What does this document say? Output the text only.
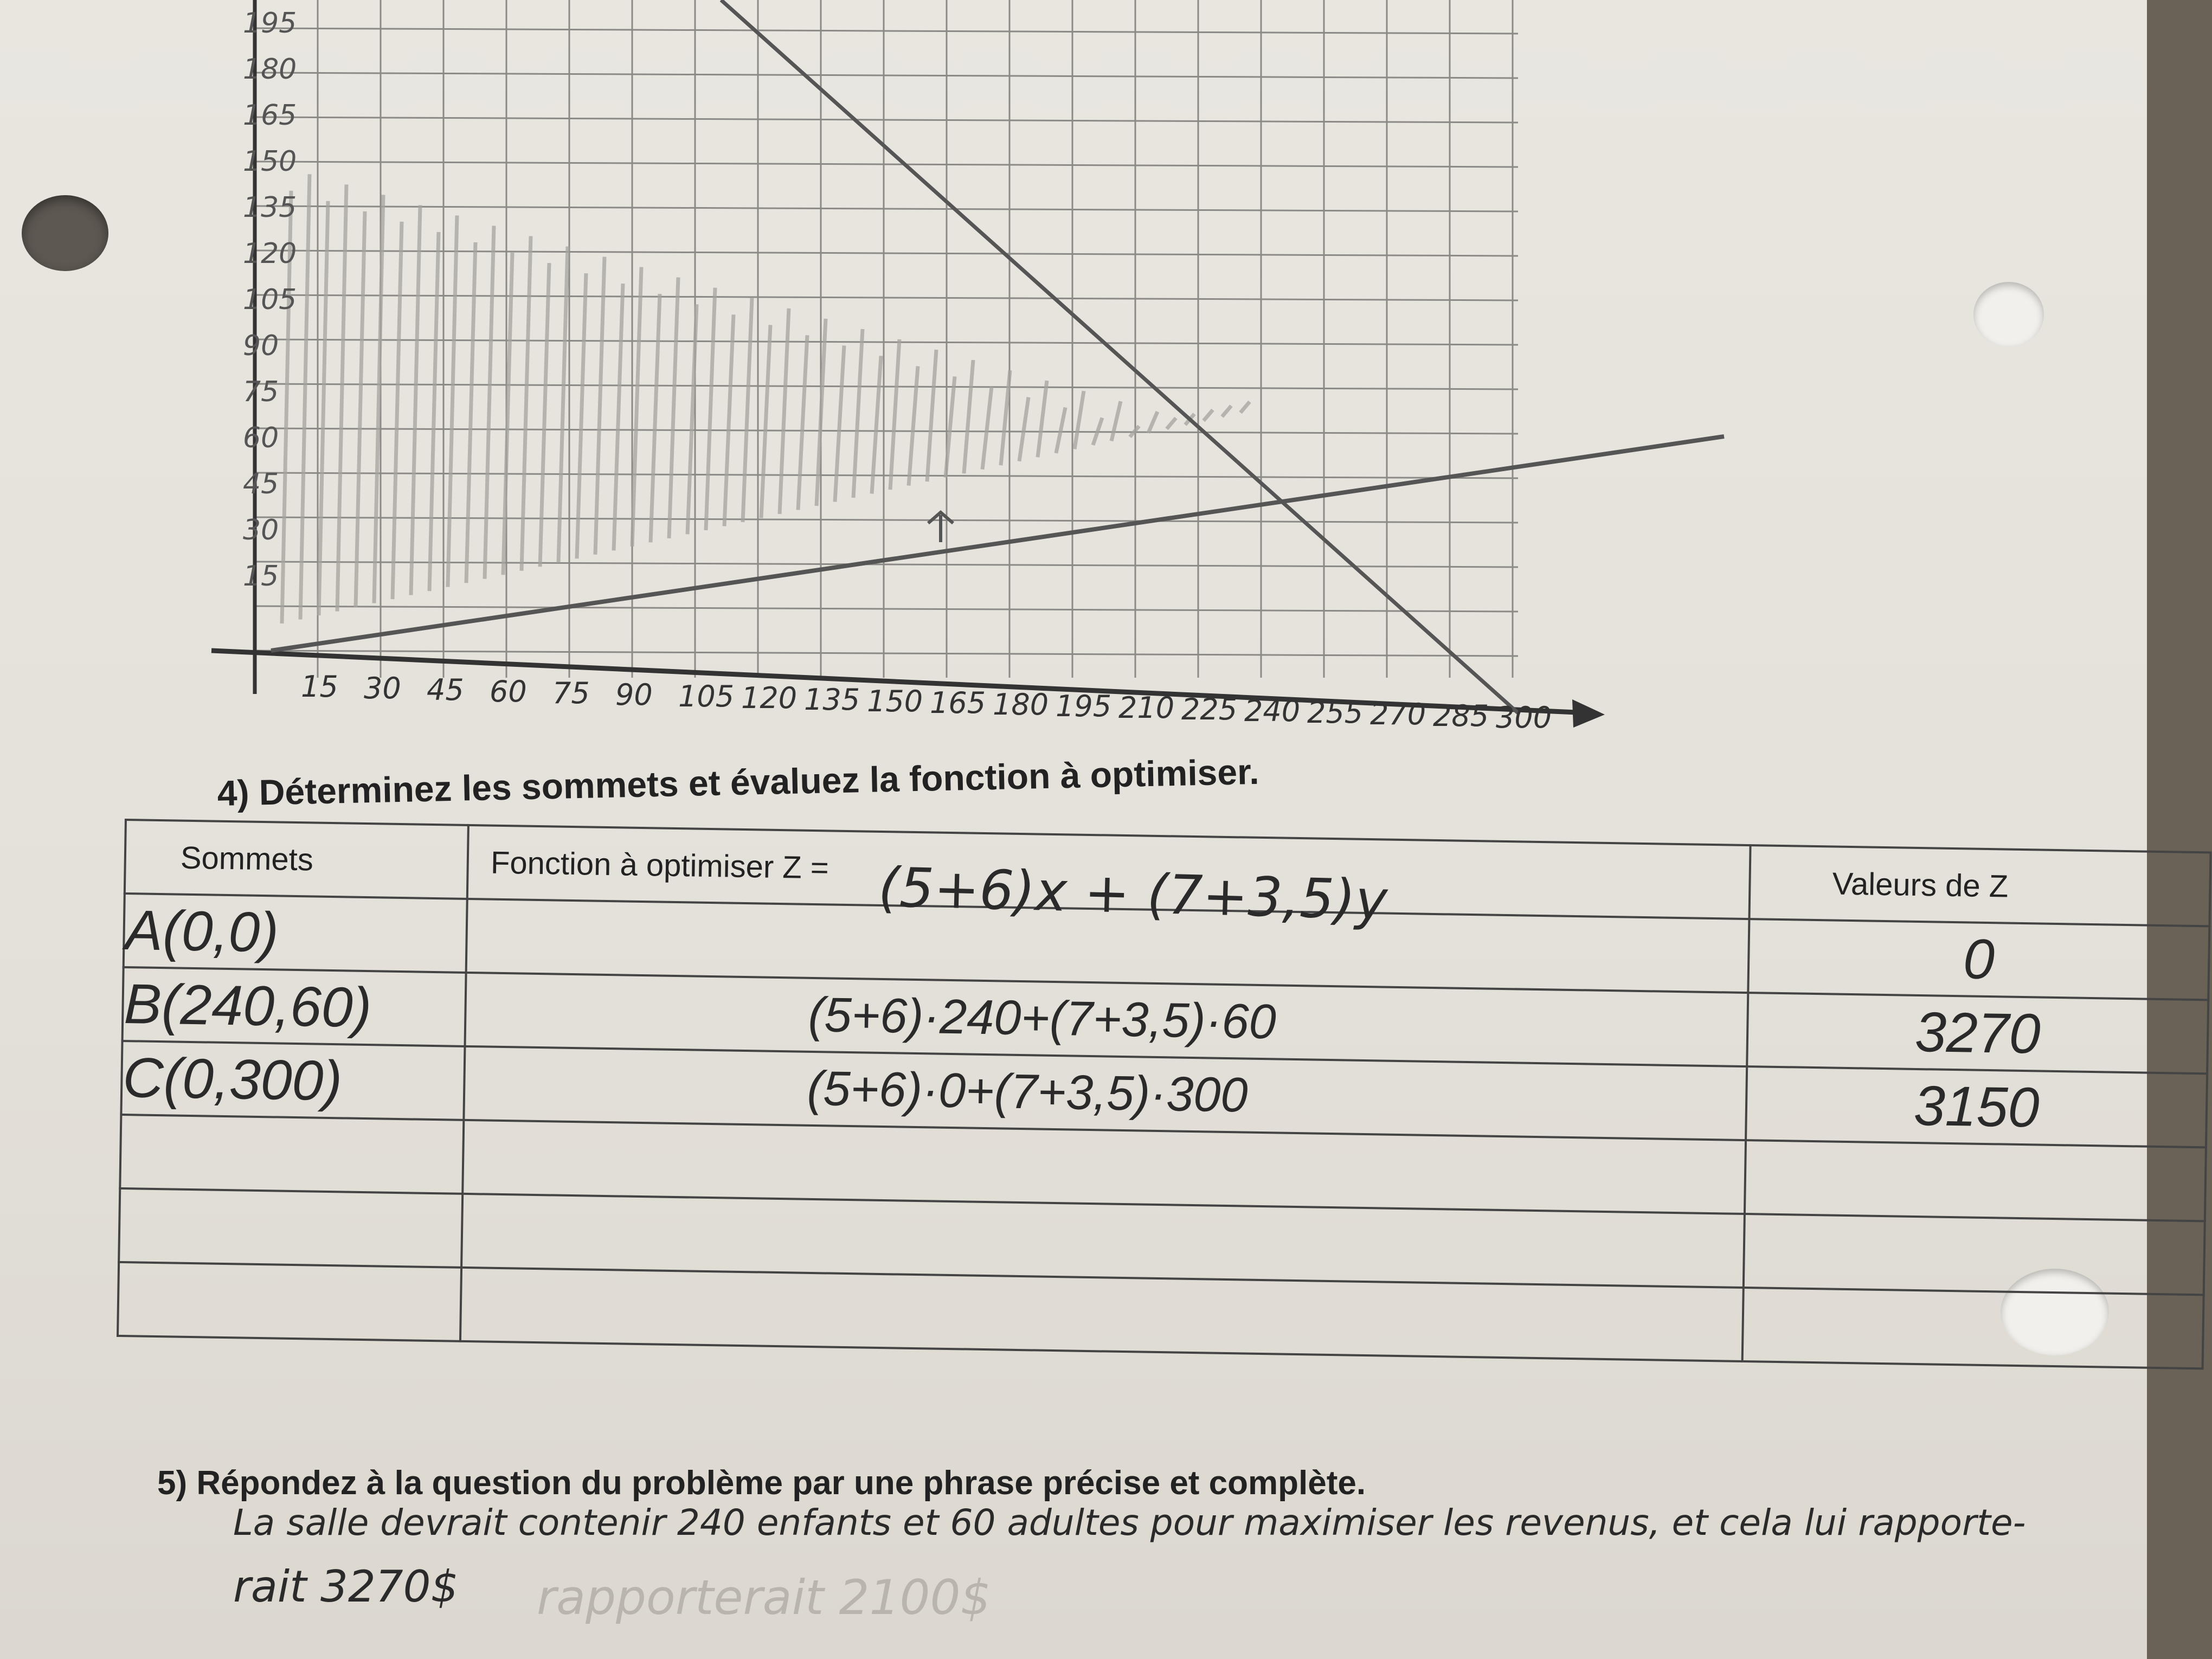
195
180
165
150
135
120
105
90
75
60
45
30
15
15 30 45 60 75 90 105 120 135 150 165 180 195 210 225 240 255 270 285 300
4) Déterminez les sommets et évaluez la fonction à optimiser.
Sommets	Fonction à optimiser Z =	Valeurs de Z
A(0,0)		0
B(240,60)	(5+6)·240+(7+3,5)·60	3270
C(0,300)	(5+6)·0+(7+3,5)·300	3150

(5+6)x + (7+3,5)y
5) Répondez à la question du problème par une phrase précise et complète.
La salle devrait contenir 240 enfants et 60 adultes pour maximiser les revenus, et cela lui rapporte-
rait 3270$ rapporterait 2100$
